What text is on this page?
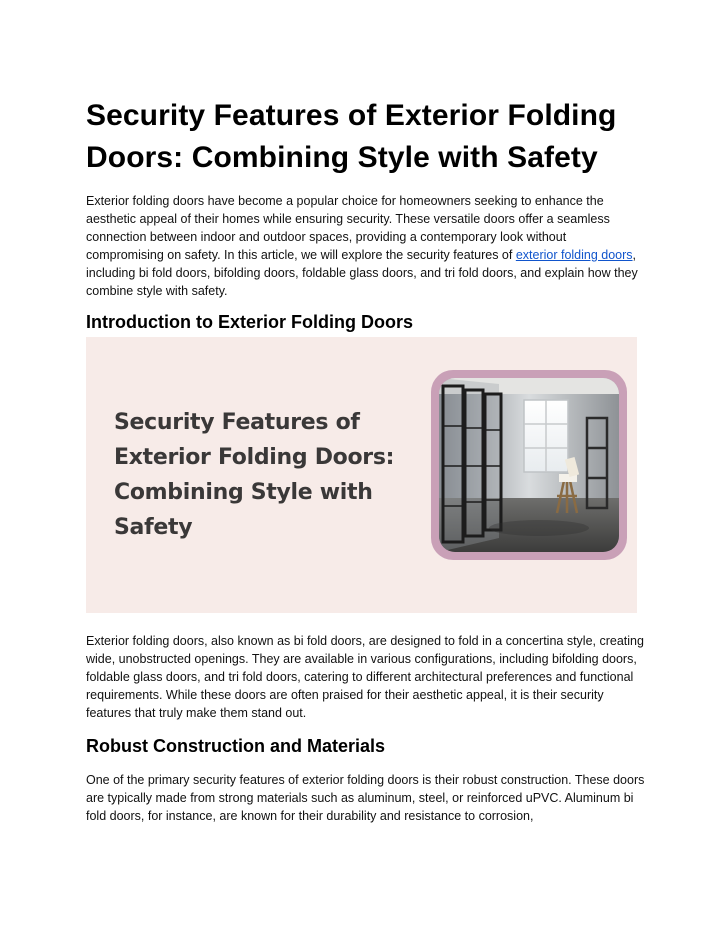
Security Features of Exterior Folding Doors: Combining Style with Safety

Exterior folding doors have become a popular choice for homeowners seeking to enhance the aesthetic appeal of their homes while ensuring security. These versatile doors offer a seamless connection between indoor and outdoor spaces, providing a contemporary look without compromising on safety. In this article, we will explore the security features of exterior folding doors, including bi fold doors, bifolding doors, foldable glass doors, and tri fold doors, and explain how they combine style with safety.

Introduction to Exterior Folding Doors
Security Features of Exterior Folding Doors: Combining Style with Safety

Exterior folding doors, also known as bi fold doors, are designed to fold in a concertina style, creating wide, unobstructed openings. They are available in various configurations, including bifolding doors, foldable glass doors, and tri fold doors, catering to different architectural preferences and functional requirements. While these doors are often praised for their aesthetic appeal, it is their security features that truly make them stand out.

Robust Construction and Materials

One of the primary security features of exterior folding doors is their robust construction. These doors are typically made from strong materials such as aluminum, steel, or reinforced uPVC. Aluminum bi fold doors, for instance, are known for their durability and resistance to corrosion,
